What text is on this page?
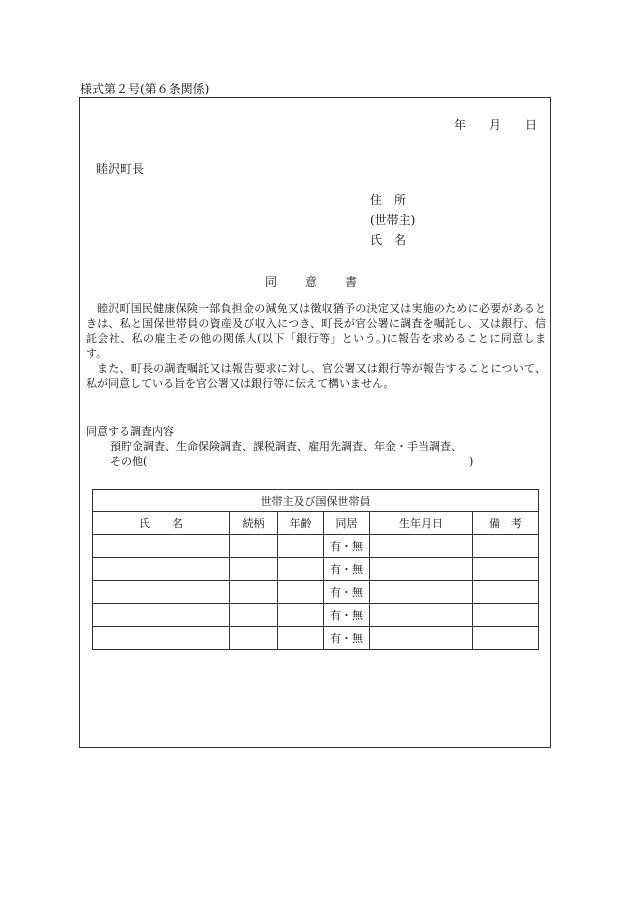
様式第２号(第６条関係)
年 月 日
睦沢町長
住　所
(世帯主)
氏　名
同　意　書

睦沢町国民健康保険一部負担金の減免又は徴収猶予の決定又は実施のために必要があるときは、私と国保世帯員の資産及び収入につき、町長が官公署に調査を嘱託し、又は銀行、信託会社、私の雇主その他の関係人(以下「銀行等」という。)に報告を求めることに同意します。

また、町長の調査嘱託又は報告要求に対し、官公署又は銀行等が報告することについて、私が同意している旨を官公署又は銀行等に伝えて構いません。

同意する調査内容
預貯金調査、生命保険調査、課税調査、雇用先調査、年金・手当調査、
その他(	)
世帯主及び国保世帯員					
氏　　名	続柄	年齢	同居	生年月日	備　考
			有・無		
			有・無		
			有・無		
			有・無		
			有・無		
